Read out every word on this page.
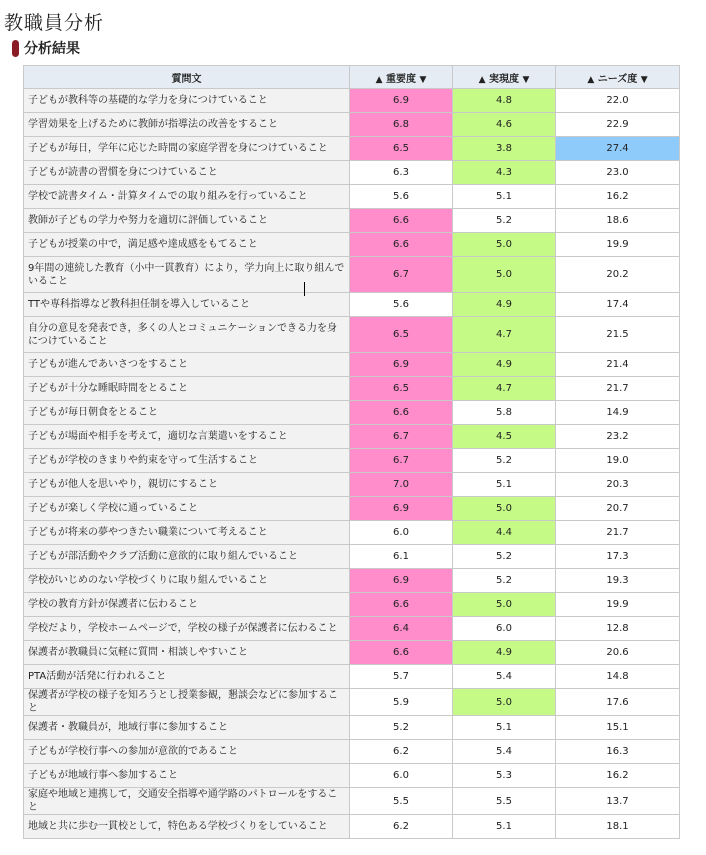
教職員分析
分析結果
質問文	▲ 重要度 ▼	▲ 実現度 ▼	▲ ニーズ度 ▼
子どもが教科等の基礎的な学力を身につけていること	6.9	4.8	22.0
学習効果を上げるために教師が指導法の改善をすること	6.8	4.6	22.9
子どもが毎日，学年に応じた時間の家庭学習を身につけていること	6.5	3.8	27.4
子どもが読書の習慣を身につけていること	6.3	4.3	23.0
学校で読書タイム・計算タイムでの取り組みを行っていること	5.6	5.1	16.2
教師が子どもの学力や努力を適切に評価していること	6.6	5.2	18.6
子どもが授業の中で，満足感や達成感をもてること	6.6	5.0	19.9
9年間の連続した教育（小中一貫教育）により，学力向上に取り組んでいること	6.7	5.0	20.2
TTや専科指導など教科担任制を導入していること	5.6	4.9	17.4
自分の意見を発表でき，多くの人とコミュニケーションできる力を身につけていること	6.5	4.7	21.5
子どもが進んであいさつをすること	6.9	4.9	21.4
子どもが十分な睡眠時間をとること	6.5	4.7	21.7
子どもが毎日朝食をとること	6.6	5.8	14.9
子どもが場面や相手を考えて，適切な言葉遣いをすること	6.7	4.5	23.2
子どもが学校のきまりや約束を守って生活すること	6.7	5.2	19.0
子どもが他人を思いやり，親切にすること	7.0	5.1	20.3
子どもが楽しく学校に通っていること	6.9	5.0	20.7
子どもが将来の夢やつきたい職業について考えること	6.0	4.4	21.7
子どもが部活動やクラブ活動に意欲的に取り組んでいること	6.1	5.2	17.3
学校がいじめのない学校づくりに取り組んでいること	6.9	5.2	19.3
学校の教育方針が保護者に伝わること	6.6	5.0	19.9
学校だより，学校ホームページで，学校の様子が保護者に伝わること	6.4	6.0	12.8
保護者が教職員に気軽に質問・相談しやすいこと	6.6	4.9	20.6
PTA活動が活発に行われること	5.7	5.4	14.8
保護者が学校の様子を知ろうとし授業参観，懇談会などに参加すること	5.9	5.0	17.6
保護者・教職員が，地域行事に参加すること	5.2	5.1	15.1
子どもが学校行事への参加が意欲的であること	6.2	5.4	16.3
子どもが地域行事へ参加すること	6.0	5.3	16.2
家庭や地域と連携して，交通安全指導や通学路のパトロールをすること	5.5	5.5	13.7
地域と共に歩む一貫校として，特色ある学校づくりをしていること	6.2	5.1	18.1
